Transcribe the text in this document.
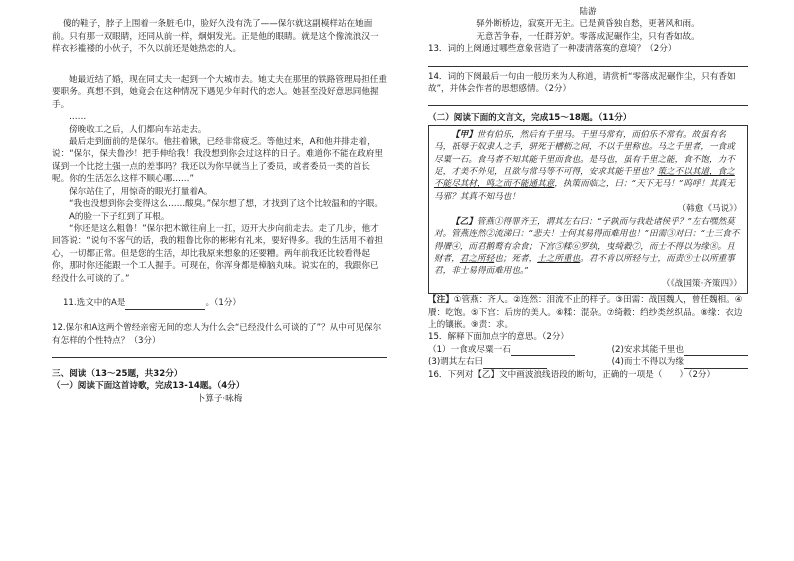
傻的鞋子，脖子上围着一条脏毛巾，脸好久没有洗了——保尔就这副模样站在她面前。只有那一双眼睛，还同从前一样，炯炯发光。正是他的眼睛。就是这个像流浪汉一样衣衫褴褛的小伙子，不久以前还是她热恋的人。

她最近结了婚，现在同丈夫一起到一个大城市去。她丈夫在那里的铁路管理局担任重要职务。真想不到，她竟会在这种情况下遇见少年时代的恋人。她甚至没好意思同他握手。

……

傍晚收工之后，人们都向车站走去。

最后走到面前的是保尔。他拄着锹，已经非常疲乏。等他过来，A和他并排走着，说：“保尔，保夫鲁沙！把手伸给我！我没想到你会过这样的日子。难道你不能在政府里谋到一个比挖土强一点的差事吗？我还以为你早就当上了委员，或者委员一类的首长呢。你的生活怎么这样不顺心哪……”

保尔站住了，用惊奇的眼光打量着A。

“我也没想到你会变得这么……酸臭。”保尔想了想，才找到了这个比较温和的字眼。

A的脸一下子红到了耳根。

“你还是这么粗鲁！”保尔把木锨往肩上一扛，迈开大步向前走去。走了几步，他才回答说：“说句不客气的话，我的粗鲁比你的彬彬有礼来，要好得多。我的生活用不着担心，一切都正常。但是您的生活，却比我原来想象的还要糟。两年前我还比较看得起你，那时你还能跟一个工人握手。可现在，你浑身都是樟脑丸味。说实在的，我跟你已经没什么可谈的了。”

11.选文中的A是	。（1分）

12.保尔和A这两个曾经亲密无间的恋人为什么会“已经没什么可谈的了”？从中可见保尔有怎样的个性特点？（3分）

三、阅读（13～25题，共32分）

（一）阅读下面这首诗歌，完成13-14题。（4分）

卜算子·咏梅

陆游

驿外断桥边，寂寞开无主。已是黄昏独自愁，更著风和雨。

无意苦争春，一任群芳妒。零落成泥碾作尘，只有香如故。

13．词的上阕通过哪些意象营造了一种凄清落寞的意境？（2分）

14．词的下阕最后一句由一般历来为人称道，请赏析“零落成泥碾作尘，只有香如故”，并体会作者的思想感情。（2分）

（二）阅读下面的文言文，完成15～18题。（11分）

【甲】世有伯乐，然后有千里马。千里马常有，而伯乐不常有。故虽有名马，祇辱于奴隶人之手，骈死于槽枥之间，不以千里称也。马之千里者，一食或尽粟一石。食马者不知其能千里而食也。是马也，虽有千里之能，食不饱，力不足，才美不外见，且欲与常马等不可得，安求其能千里也？策之不以其道，食之不能尽其材，鸣之而不能通其意，执策而临之，曰：“天下无马！”呜呼！其真无马邪？其真不知马也！

（韩愈《马说》）

【乙】管燕①得罪齐王，谓其左右曰：“子孰而与我赴诸侯乎？”左右嘿然莫对。管燕连然②流涕曰：“悲夫！士何其易得而难用也！”田需③对曰：“士三食不得餍④，而君鹅鹜有余食；下宫⑤糅⑥罗纨，曳绮縠⑦，而士不得以为缘⑧。且财者，君之所轻也；死者，士之所重也。君不肯以所轻与士，而责⑨士以所重事君，非士易得而难用也。”

（《战国策·齐策四》）

【注】①管燕：齐人。②连然：泪流不止的样子。③田需：战国魏人，曾任魏相。④餍：吃饱。⑤下宫：后房的美人。⑥糅：混杂。⑦绮縠：绉纱类丝织品。⑧缘：衣边上的镶嵌。⑨责：求。

15．解释下面加点字的意思。（2分）

（1）一食或尽粟一石	(2)安求其能千里也
(3)谓其左右曰	(4)而士不得以为缘

16．下列对【乙】文中画波浪线语段的断句，正确的一项是（　　）（2分）
